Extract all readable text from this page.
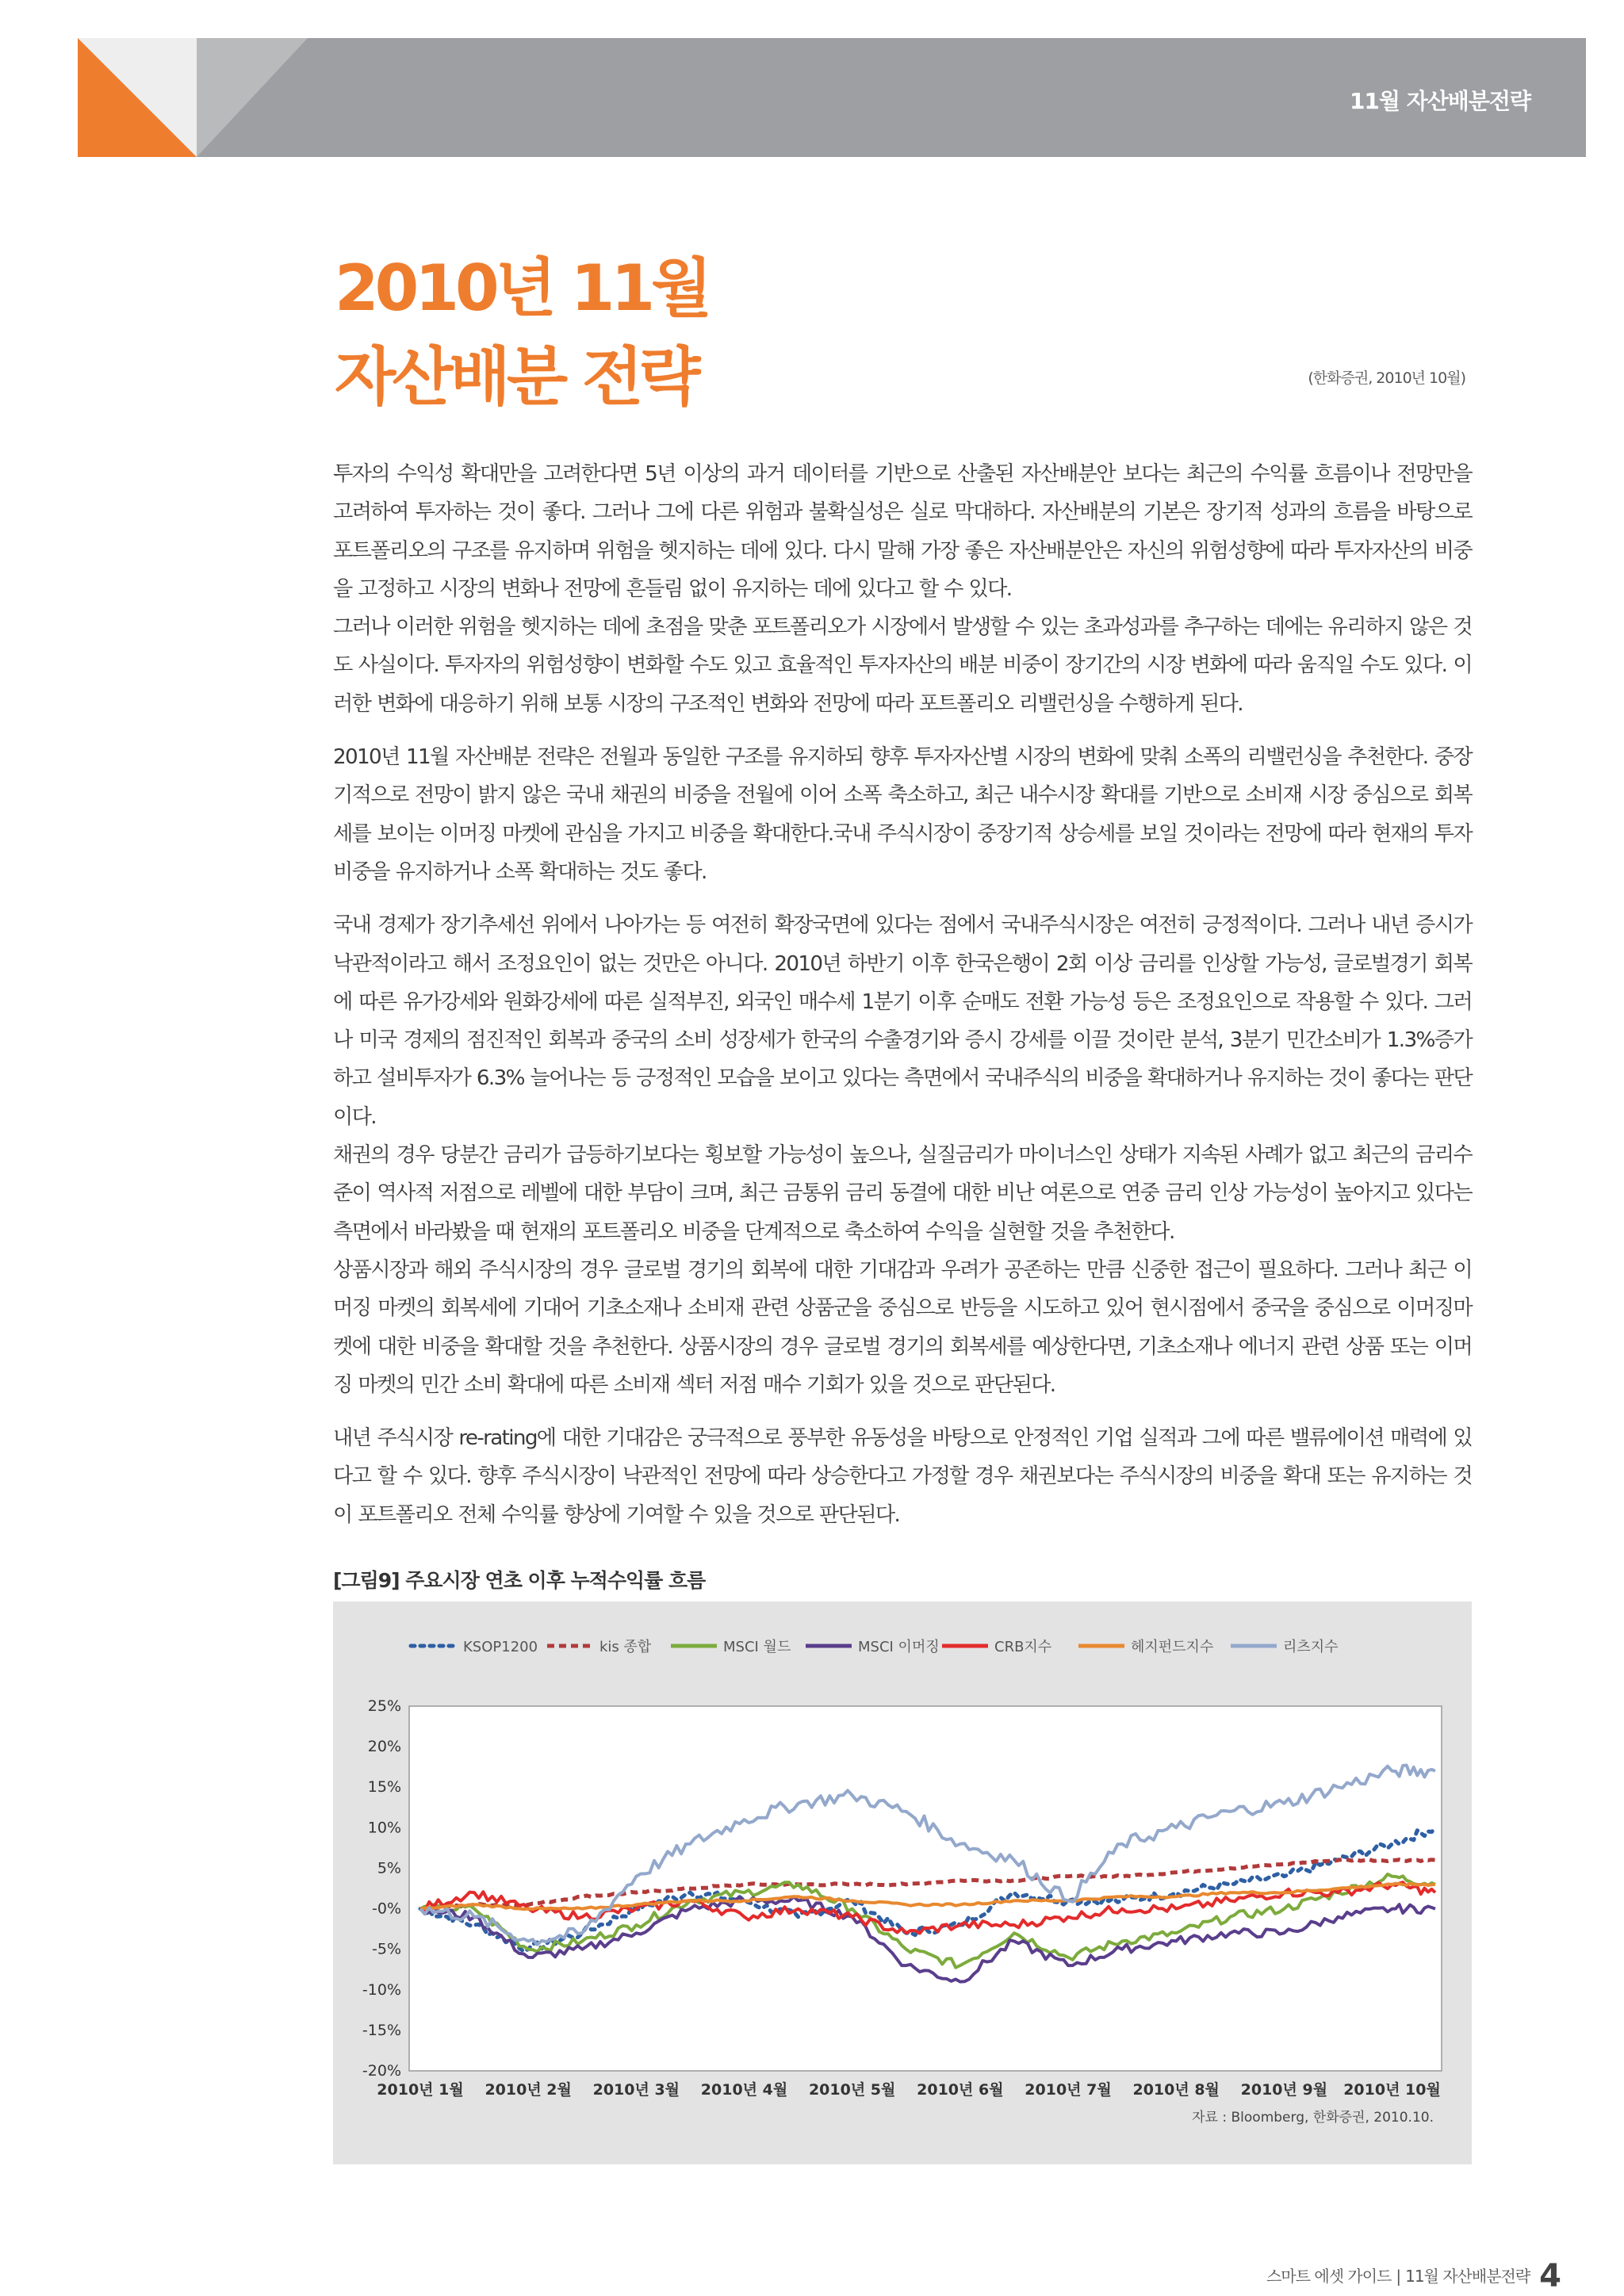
11월 자산배분전략
2010년 11월
자산배분 전략	(한화증권, 2010년 10월)

투자의 수익성 확대만을 고려한다면 5년 이상의 과거 데이터를 기반으로 산출된 자산배분안 보다는 최근의 수익률 흐름이나 전망만을 고려하여 투자하는 것이 좋다. 그러나 그에 다른 위험과 불확실성은 실로 막대하다. 자산배분의 기본은 장기적 성과의 흐름을 바탕으로 포트폴리오의 구조를 유지하며 위험을 헷지하는 데에 있다. 다시 말해 가장 좋은 자산배분안은 자신의 위험성향에 따라 투자자산의 비중을 고정하고 시장의 변화나 전망에 흔들림 없이 유지하는 데에 있다고 할 수 있다.

그러나 이러한 위험을 헷지하는 데에 초점을 맞춘 포트폴리오가 시장에서 발생할 수 있는 초과성과를 추구하는 데에는 유리하지 않은 것도 사실이다. 투자자의 위험성향이 변화할 수도 있고 효율적인 투자자산의 배분 비중이 장기간의 시장 변화에 따라 움직일 수도 있다. 이러한 변화에 대응하기 위해 보통 시장의 구조적인 변화와 전망에 따라 포트폴리오 리밸런싱을 수행하게 된다.

2010년 11월 자산배분 전략은 전월과 동일한 구조를 유지하되 향후 투자자산별 시장의 변화에 맞춰 소폭의 리밸런싱을 추천한다. 중장기적으로 전망이 밝지 않은 국내 채권의 비중을 전월에 이어 소폭 축소하고, 최근 내수시장 확대를 기반으로 소비재 시장 중심으로 회복세를 보이는 이머징 마켓에 관심을 가지고 비중을 확대한다.국내 주식시장이 중장기적 상승세를 보일 것이라는 전망에 따라 현재의 투자비중을 유지하거나 소폭 확대하는 것도 좋다.

국내 경제가 장기추세선 위에서 나아가는 등 여전히 확장국면에 있다는 점에서 국내주식시장은 여전히 긍정적이다. 그러나 내년 증시가 낙관적이라고 해서 조정요인이 없는 것만은 아니다. 2010년 하반기 이후 한국은행이 2회 이상 금리를 인상할 가능성, 글로벌경기 회복에 따른 유가강세와 원화강세에 따른 실적부진, 외국인 매수세 1분기 이후 순매도 전환 가능성 등은 조정요인으로 작용할 수 있다. 그러나 미국 경제의 점진적인 회복과 중국의 소비 성장세가 한국의 수출경기와 증시 강세를 이끌 것이란 분석, 3분기 민간소비가 1.3%증가하고 설비투자가 6.3% 늘어나는 등 긍정적인 모습을 보이고 있다는 측면에서 국내주식의 비중을 확대하거나 유지하는 것이 좋다는 판단이다.

채권의 경우 당분간 금리가 급등하기보다는 횡보할 가능성이 높으나, 실질금리가 마이너스인 상태가 지속된 사례가 없고 최근의 금리수준이 역사적 저점으로 레벨에 대한 부담이 크며, 최근 금통위 금리 동결에 대한 비난 여론으로 연중 금리 인상 가능성이 높아지고 있다는 측면에서 바라봤을 때 현재의 포트폴리오 비중을 단계적으로 축소하여 수익을 실현할 것을 추천한다.

상품시장과 해외 주식시장의 경우 글로벌 경기의 회복에 대한 기대감과 우려가 공존하는 만큼 신중한 접근이 필요하다. 그러나 최근 이머징 마켓의 회복세에 기대어 기초소재나 소비재 관련 상품군을 중심으로 반등을 시도하고 있어 현시점에서 중국을 중심으로 이머징마켓에 대한 비중을 확대할 것을 추천한다. 상품시장의 경우 글로벌 경기의 회복세를 예상한다면, 기초소재나 에너지 관련 상품 또는 이머징 마켓의 민간 소비 확대에 따른 소비재 섹터 저점 매수 기회가 있을 것으로 판단된다.

내년 주식시장 re-rating에 대한 기대감은 궁극적으로 풍부한 유동성을 바탕으로 안정적인 기업 실적과 그에 따른 밸류에이션 매력에 있다고 할 수 있다. 향후 주식시장이 낙관적인 전망에 따라 상승한다고 가정할 경우 채권보다는 주식시장의 비중을 확대 또는 유지하는 것이 포트폴리오 전체 수익률 향상에 기여할 수 있을 것으로 판단된다.

[그림9] 주요시장 연초 이후 누적수익률 흐름
KSOP1200	kis 종합	MSCI 월드	MSCI 이머징	CRB지수	헤지펀드지수	리츠지수
25%
20%
15%
10%
5%
-0%
-5%
-10%
-15%
-20%
2010년 1월 2010년 2월 2010년 3월 2010년 4월 2010년 5월 2010년 6월 2010년 7월 2010년 8월 2010년 9월 2010년 10월
자료 : Bloomberg, 한화증권, 2010.10.
스마트 에셋 가이드 | 11월 자산배분전략 4
